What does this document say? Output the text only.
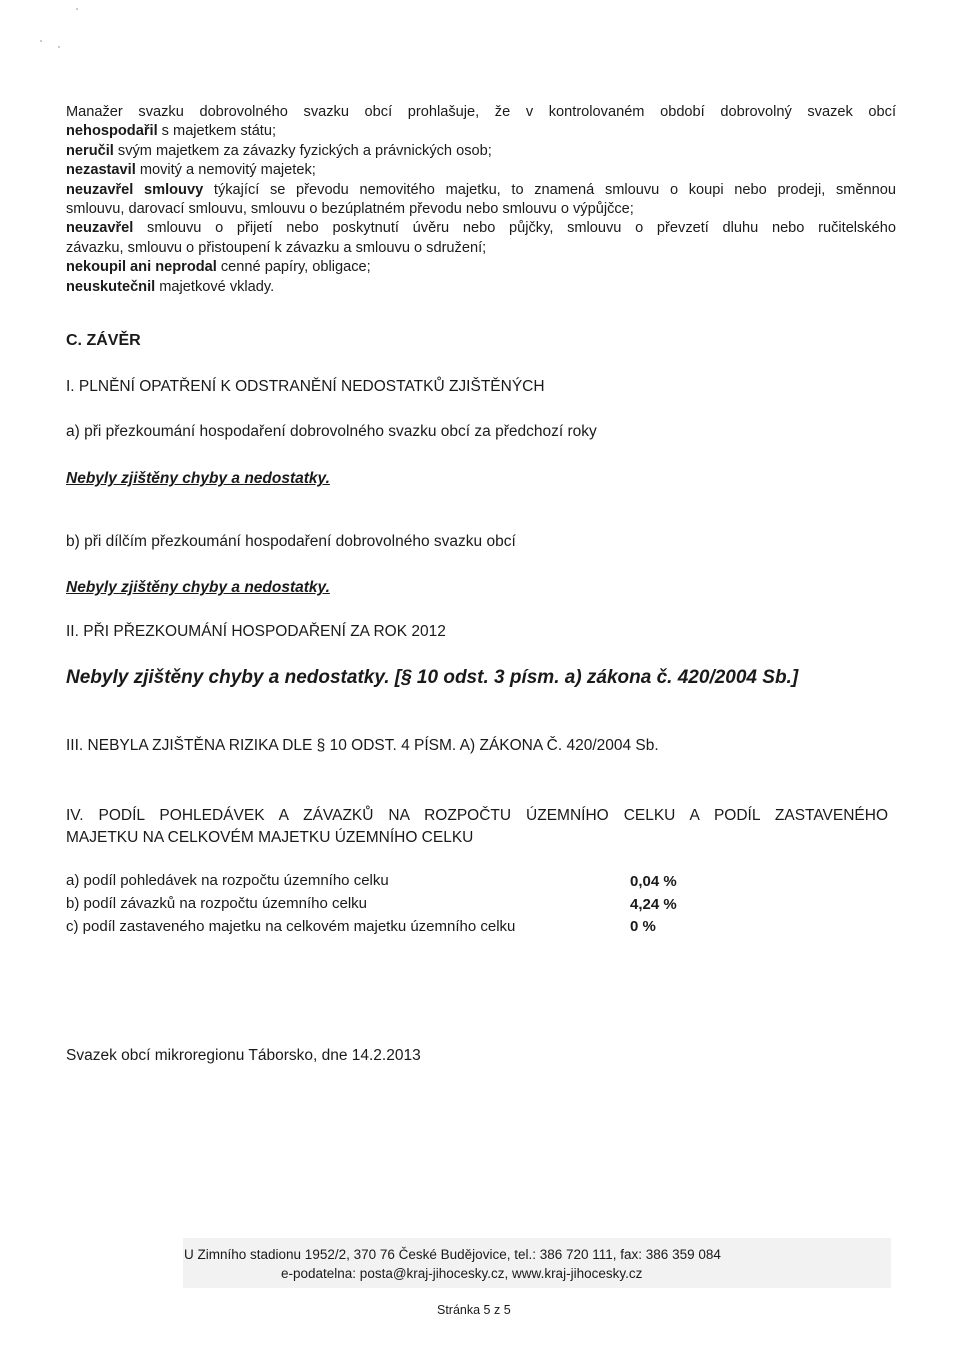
Manažer svazku dobrovolného svazku obcí prohlašuje, že v kontrolovaném období dobrovolný svazek obcí

nehospodařil s majetkem státu;

neručil svým majetkem za závazky fyzických a právnických osob;

nezastavil movitý a nemovitý majetek;

neuzavřel smlouvy týkající se převodu nemovitého majetku, to znamená smlouvu o koupi nebo prodeji, směnnou

smlouvu, darovací smlouvu, smlouvu o bezúplatném převodu nebo smlouvu o výpůjčce;

neuzavřel smlouvu o přijetí nebo poskytnutí úvěru nebo půjčky, smlouvu o převzetí dluhu nebo ručitelského

závazku, smlouvu o přistoupení k závazku a smlouvu o sdružení;

nekoupil ani neprodal cenné papíry, obligace;

neuskutečnil majetkové vklady.

C. ZÁVĚR
I. PLNĚNÍ OPATŘENÍ K ODSTRANĚNÍ NEDOSTATKŮ ZJIŠTĚNÝCH
a) při přezkoumání hospodaření dobrovolného svazku obcí za předchozí roky
Nebyly zjištěny chyby a nedostatky.
b) při dílčím přezkoumání hospodaření dobrovolného svazku obcí
Nebyly zjištěny chyby a nedostatky.
II. PŘI PŘEZKOUMÁNÍ HOSPODAŘENÍ ZA ROK 2012
Nebyly zjištěny chyby a nedostatky. [§ 10 odst. 3 písm. a) zákona č. 420/2004 Sb.]
III. NEBYLA ZJIŠTĚNA RIZIKA DLE § 10 ODST. 4 PÍSM. A) ZÁKONA Č. 420/2004 Sb.
IV. PODÍL POHLEDÁVEK A ZÁVAZKŮ NA ROZPOČTU ÚZEMNÍHO CELKU A PODÍL ZASTAVENÉHO
MAJETKU NA CELKOVÉM MAJETKU ÚZEMNÍHO CELKU
a) podíl pohledávek na rozpočtu územního celku	0,04 %
b) podíl závazků na rozpočtu územního celku	4,24 %
c) podíl zastaveného majetku na celkovém majetku územního celku	0 %
Svazek obcí mikroregionu Táborsko, dne 14.2.2013
U Zimního stadionu 1952/2, 370 76 České Budějovice, tel.: 386 720 111, fax: 386 359 084
e-podatelna: posta@kraj-jihocesky.cz, www.kraj-jihocesky.cz
Stránka 5 z 5
